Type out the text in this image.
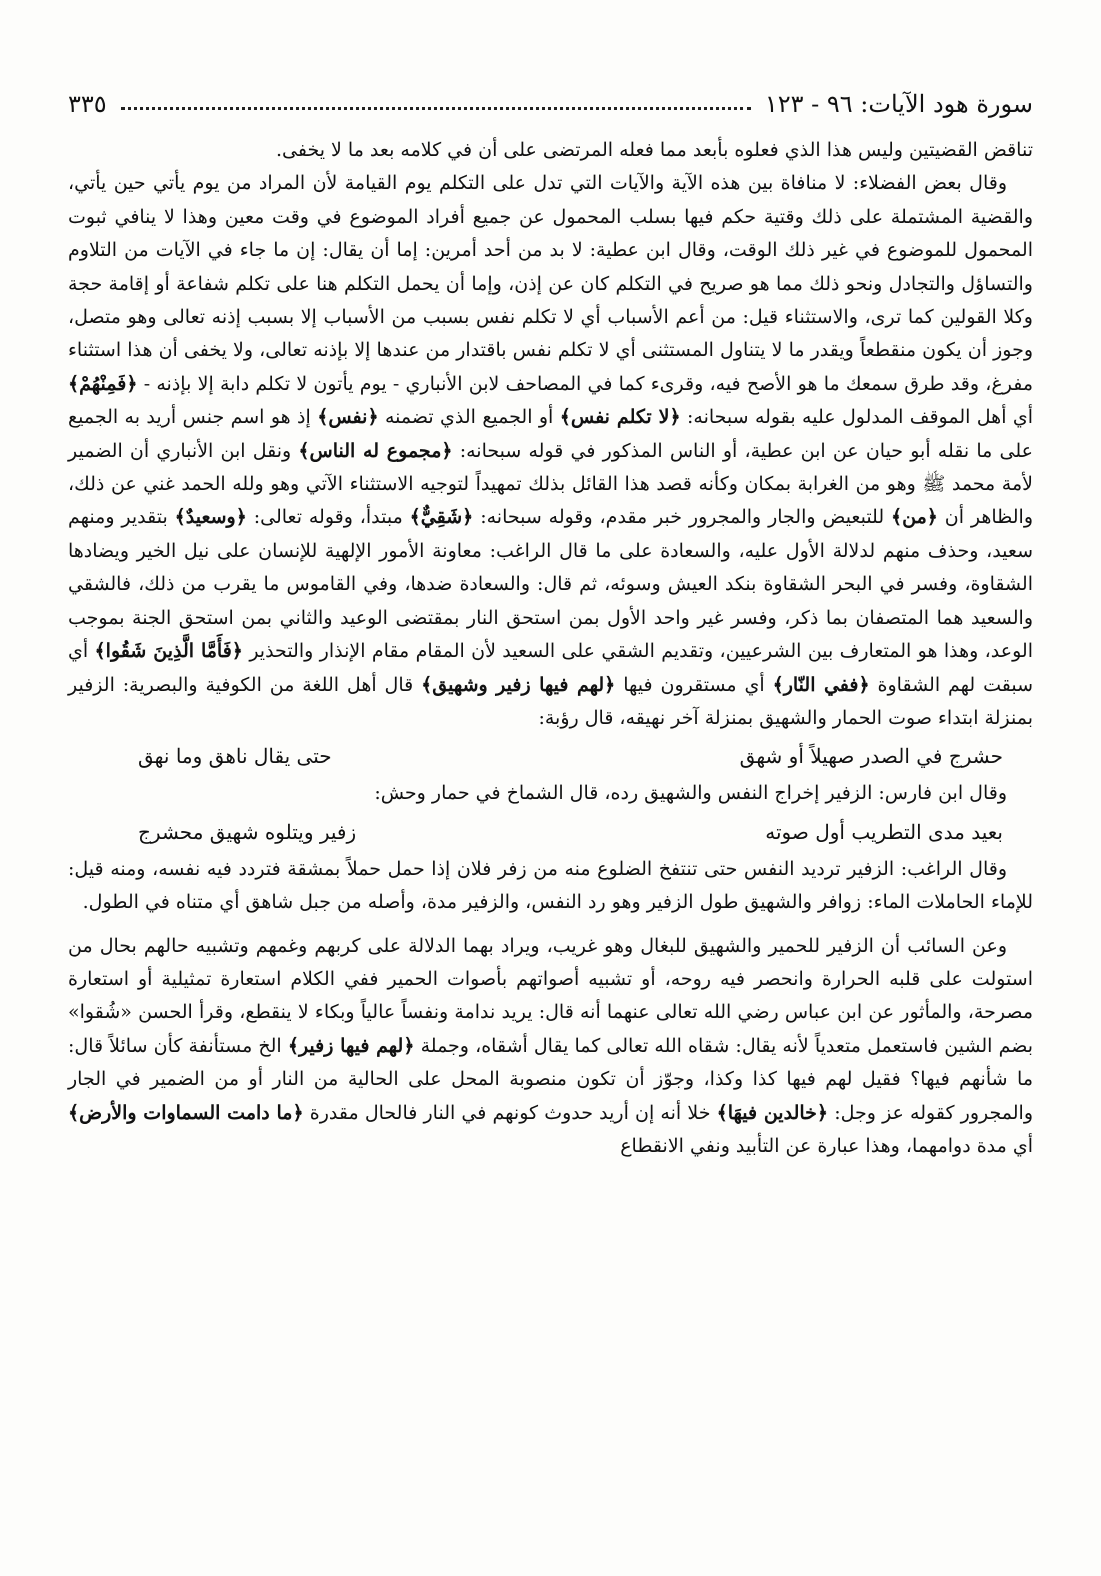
سورة هود الآيات: ٩٦ - ١٢٣
٣٣٥

تناقض القضيتين وليس هذا الذي فعلوه بأبعد مما فعله المرتضى على أن في كلامه بعد ما لا يخفى.

وقال بعض الفضلاء: لا منافاة بين هذه الآية والآيات التي تدل على التكلم يوم القيامة لأن المراد من يوم يأتي حين يأتي، والقضية المشتملة على ذلك وقتية حكم فيها بسلب المحمول عن جميع أفراد الموضوع في وقت معين وهذا لا ينافي ثبوت المحمول للموضوع في غير ذلك الوقت، وقال ابن عطية: لا بد من أحد أمرين: إما أن يقال: إن ما جاء في الآيات من التلاوم والتساؤل والتجادل ونحو ذلك مما هو صريح في التكلم كان عن إذن، وإما أن يحمل التكلم هنا على تكلم شفاعة أو إقامة حجة وكلا القولين كما ترى، والاستثناء قيل: من أعم الأسباب أي لا تكلم نفس بسبب من الأسباب إلا بسبب إذنه تعالى وهو متصل، وجوز أن يكون منقطعاً ويقدر ما لا يتناول المستثنى أي لا تكلم نفس باقتدار من عندها إلا بإذنه تعالى، ولا يخفى أن هذا استثناء مفرغ، وقد طرق سمعك ما هو الأصح فيه، وقرىء كما في المصاحف لابن الأنباري - يوم يأتون لا تكلم دابة إلا بإذنه - ﴿فَمِنْهُمْ﴾ أي أهل الموقف المدلول عليه بقوله سبحانه: ﴿لا تكلم نفس﴾ أو الجميع الذي تضمنه ﴿نفس﴾ إذ هو اسم جنس أريد به الجميع على ما نقله أبو حيان عن ابن عطية، أو الناس المذكور في قوله سبحانه: ﴿مجموع له الناس﴾ ونقل ابن الأنباري أن الضمير لأمة محمد ﷺ وهو من الغرابة بمكان وكأنه قصد هذا القائل بذلك تمهيداً لتوجيه الاستثناء الآتي وهو ولله الحمد غني عن ذلك، والظاهر أن ﴿من﴾ للتبعيض والجار والمجرور خبر مقدم، وقوله سبحانه: ﴿شَقِيٌّ﴾ مبتدأ، وقوله تعالى: ﴿وسعيدٌ﴾ بتقدير ومنهم سعيد، وحذف منهم لدلالة الأول عليه، والسعادة على ما قال الراغب: معاونة الأمور الإلهية للإنسان على نيل الخير ويضادها الشقاوة، وفسر في البحر الشقاوة بنكد العيش وسوئه، ثم قال: والسعادة ضدها، وفي القاموس ما يقرب من ذلك، فالشقي والسعيد هما المتصفان بما ذكر، وفسر غير واحد الأول بمن استحق النار بمقتضى الوعيد والثاني بمن استحق الجنة بموجب الوعد، وهذا هو المتعارف بين الشرعيين، وتقديم الشقي على السعيد لأن المقام مقام الإنذار والتحذير ﴿فَأَمَّا الَّذِينَ شَقُوا﴾ أي سبقت لهم الشقاوة ﴿ففي النّار﴾ أي مستقرون فيها ﴿لهم فيها زفير وشهيق﴾ قال أهل اللغة من الكوفية والبصرية: الزفير بمنزلة ابتداء صوت الحمار والشهيق بمنزلة آخر نهيقه، قال رؤبة:

حشرج في الصدر صهيلاً أو شهق
حتى يقال ناهق وما نهق

وقال ابن فارس: الزفير إخراج النفس والشهيق رده، قال الشماخ في حمار وحش:

بعيد مدى التطريب أول صوته
زفير ويتلوه شهيق محشرج

وقال الراغب: الزفير ترديد النفس حتى تنتفخ الضلوع منه من زفر فلان إذا حمل حملاً بمشقة فتردد فيه نفسه، ومنه قيل: للإماء الحاملات الماء: زوافر والشهيق طول الزفير وهو رد النفس، والزفير مدة، وأصله من جبل شاهق أي متناه في الطول.

وعن السائب أن الزفير للحمير والشهيق للبغال وهو غريب، ويراد بهما الدلالة على كربهم وغمهم وتشبيه حالهم بحال من استولت على قلبه الحرارة وانحصر فيه روحه، أو تشبيه أصواتهم بأصوات الحمير ففي الكلام استعارة تمثيلية أو استعارة مصرحة، والمأثور عن ابن عباس رضي الله تعالى عنهما أنه قال: يريد ندامة ونفساً عالياً وبكاء لا ينقطع، وقرأ الحسن «شُقوا» بضم الشين فاستعمل متعدياً لأنه يقال: شقاه الله تعالى كما يقال أشقاه، وجملة ﴿لهم فيها زفير﴾ الخ مستأنفة كأن سائلاً قال: ما شأنهم فيها؟ فقيل لهم فيها كذا وكذا، وجوّز أن تكون منصوبة المحل على الحالية من النار أو من الضمير في الجار والمجرور كقوله عز وجل: ﴿خالدين فيهَا﴾ خلا أنه إن أريد حدوث كونهم في النار فالحال مقدرة ﴿ما دامت السماوات والأرض﴾ أي مدة دوامهما، وهذا عبارة عن التأبيد ونفي الانقطاع
